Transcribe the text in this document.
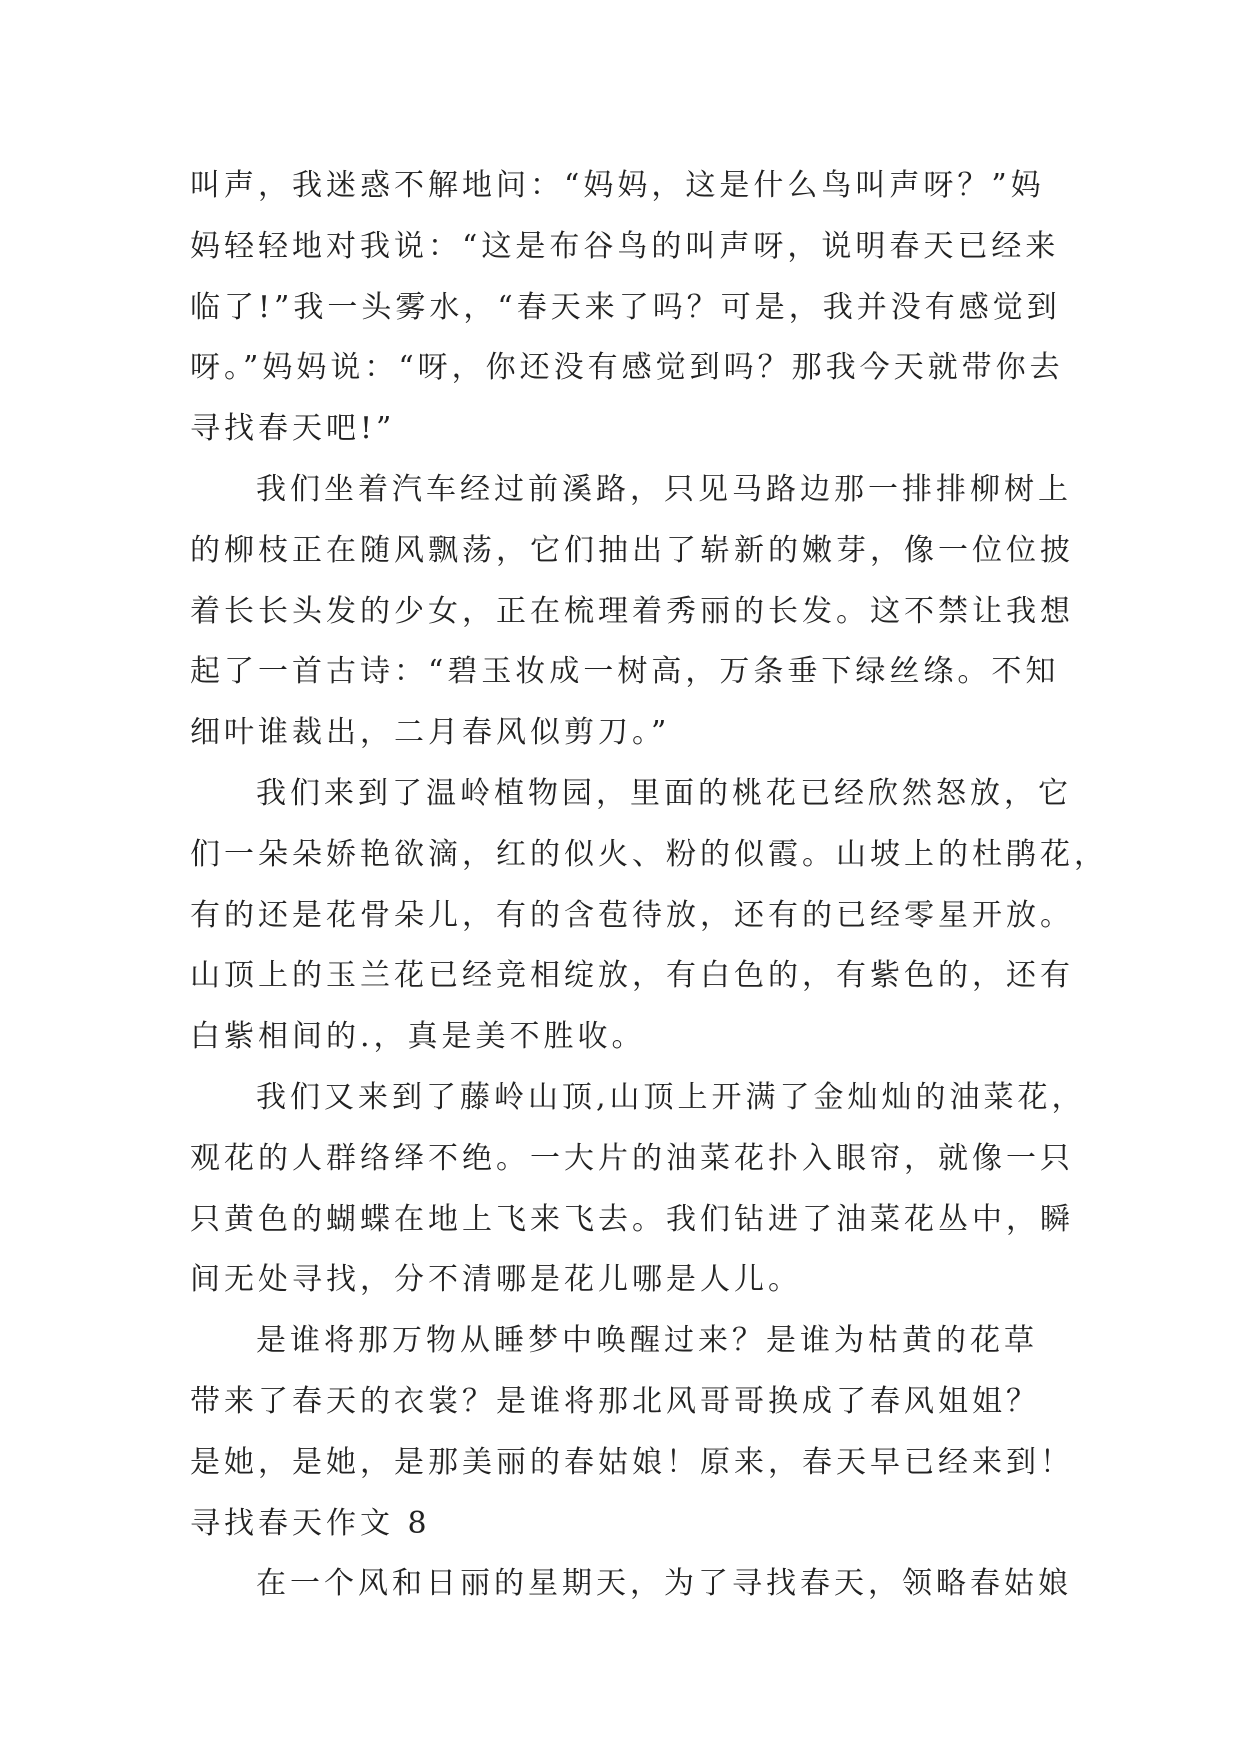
叫声，我迷惑不解地问：“妈妈，这是什么鸟叫声呀？”妈
妈轻轻地对我说：“这是布谷鸟的叫声呀，说明春天已经来
临了!”我一头雾水，“春天来了吗？可是，我并没有感觉到
呀。”妈妈说：“呀，你还没有感觉到吗？那我今天就带你去
寻找春天吧!”
我们坐着汽车经过前溪路，只见马路边那一排排柳树上
的柳枝正在随风飘荡，它们抽出了崭新的嫩芽，像一位位披
着长长头发的少女，正在梳理着秀丽的长发。这不禁让我想
起了一首古诗：“碧玉妆成一树高，万条垂下绿丝绦。不知
细叶谁裁出，二月春风似剪刀。”
我们来到了温岭植物园，里面的桃花已经欣然怒放，它
们一朵朵娇艳欲滴，红的似火、粉的似霞。山坡上的杜鹃花，
有的还是花骨朵儿，有的含苞待放，还有的已经零星开放。
山顶上的玉兰花已经竞相绽放，有白色的，有紫色的，还有
白紫相间的.，真是美不胜收。
我们又来到了藤岭山顶,山顶上开满了金灿灿的油菜花，
观花的人群络绎不绝。一大片的油菜花扑入眼帘，就像一只
只黄色的蝴蝶在地上飞来飞去。我们钻进了油菜花丛中，瞬
间无处寻找，分不清哪是花儿哪是人儿。
是谁将那万物从睡梦中唤醒过来？是谁为枯黄的花草
带来了春天的衣裳？是谁将那北风哥哥换成了春风姐姐？
是她，是她，是那美丽的春姑娘！原来，春天早已经来到！
寻找春天作文 8
在一个风和日丽的星期天，为了寻找春天，领略春姑娘
